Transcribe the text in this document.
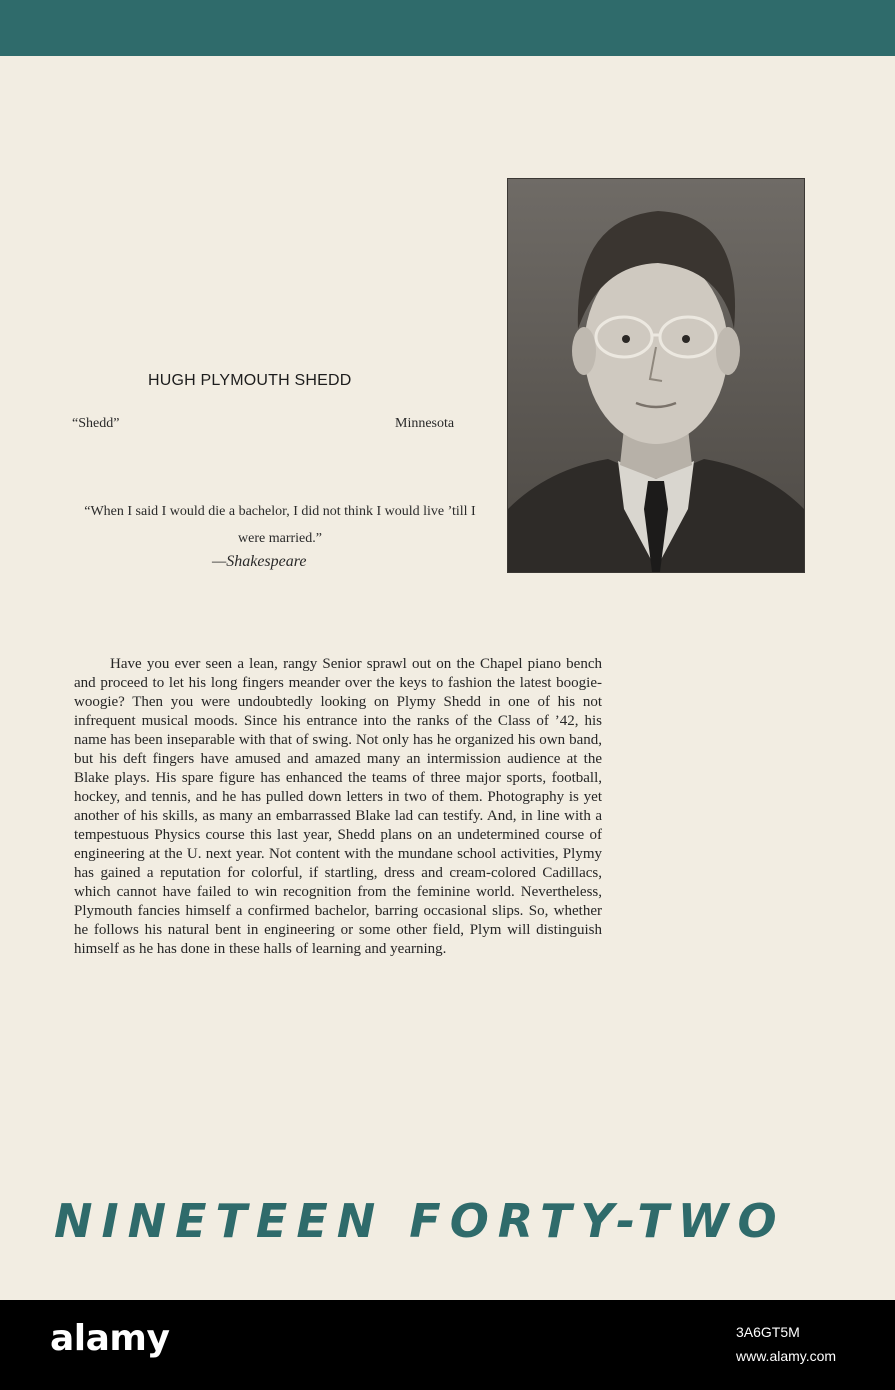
HUGH PLYMOUTH SHEDD
“Shedd”	Minnesota
“When I said I would die a bachelor, I did not think I would live ’till I were married.”
—Shakespeare

Have you ever seen a lean, rangy Senior sprawl out on the Chapel piano bench and proceed to let his long fingers meander over the keys to fashion the latest boogie-woogie? Then you were undoubtedly looking on Plymy Shedd in one of his not infrequent musical moods. Since his entrance into the ranks of the Class of ’42, his name has been inseparable with that of swing. Not only has he organized his own band, but his deft fingers have amused and amazed many an intermission audience at the Blake plays. His spare figure has enhanced the teams of three major sports, football, hockey, and tennis, and he has pulled down letters in two of them. Photography is yet another of his skills, as many an embarrassed Blake lad can testify. And, in line with a tempestuous Physics course this last year, Shedd plans on an undetermined course of engineering at the U. next year. Not content with the mundane school activities, Plymy has gained a reputation for colorful, if startling, dress and cream-colored Cadillacs, which cannot have failed to win recognition from the feminine world. Nevertheless, Plymouth fancies himself a confirmed bachelor, barring occasional slips. So, whether he follows his natural bent in engineering or some other field, Plym will distinguish himself as he has done in these halls of learning and yearning.

NINETEEN FORTY-TWO
alamy	3A6GT5M
www.alamy.com
